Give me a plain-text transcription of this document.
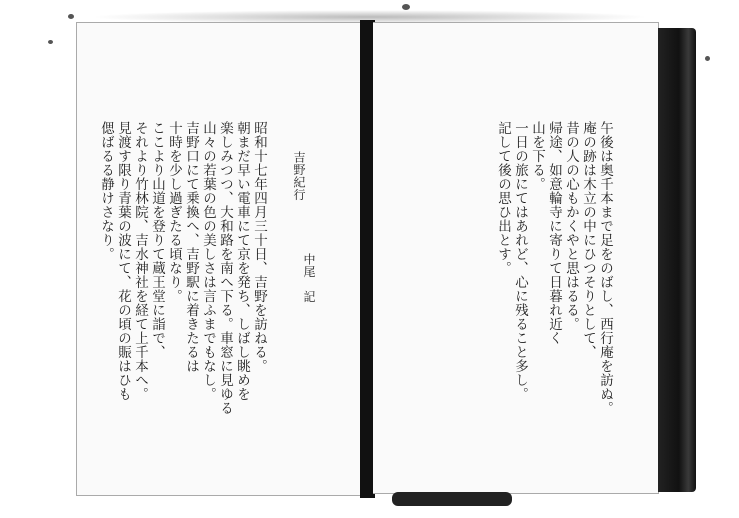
吉野紀行
中尾　記
昭和十七年四月三十日、吉野を訪ねる。
朝まだ早い電車にて京を発ち、しばし眺めを
楽しみつつ、大和路を南へ下る。車窓に見ゆる
山々の若葉の色の美しさは言ふまでもなし。
吉野口にて乗換へ、吉野駅に着きたるは
十時を少し過ぎたる頃なり。
ここより山道を登りて蔵王堂に詣で、
それより竹林院、吉水神社を経て上千本へ。
見渡す限り青葉の波にて、花の頃の賑はひも
偲ばるる静けさなり。	午後は奥千本まで足をのばし、西行庵を訪ぬ。
庵の跡は木立の中にひつそりとして、
昔の人の心もかくやと思はるる。
帰途、如意輪寺に寄りて日暮れ近く
山を下る。
一日の旅にてはあれど、心に残ること多し。
記して後の思ひ出とす。
